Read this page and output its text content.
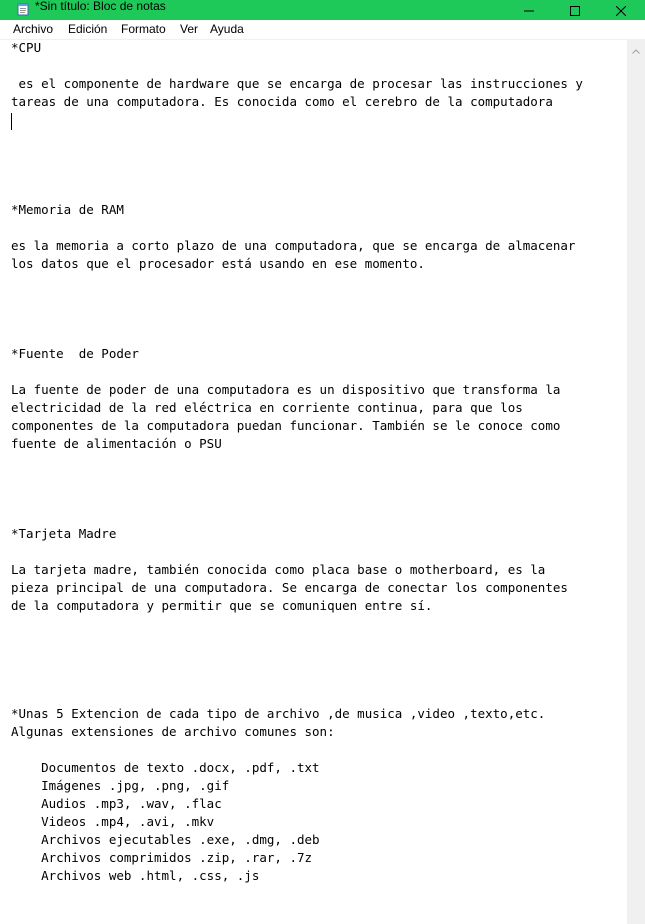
*Sin título: Bloc de notas
Archivo Edición Formato Ver Ayuda
*CPU
es el componente de hardware que se encarga de procesar las instrucciones y
tareas de una computadora. Es conocida como el cerebro de la computadora
*Memoria de RAM
es la memoria a corto plazo de una computadora, que se encarga de almacenar
los datos que el procesador está usando en ese momento.
*Fuente  de Poder
La fuente de poder de una computadora es un dispositivo que transforma la
electricidad de la red eléctrica en corriente continua, para que los
componentes de la computadora puedan funcionar. También se le conoce como
fuente de alimentación o PSU
*Tarjeta Madre
La tarjeta madre, también conocida como placa base o motherboard, es la
pieza principal de una computadora. Se encarga de conectar los componentes
de la computadora y permitir que se comuniquen entre sí.
*Unas 5 Extencion de cada tipo de archivo ,de musica ,video ,texto,etc.
Algunas extensiones de archivo comunes son:
Documentos de texto .docx, .pdf, .txt
Imágenes .jpg, .png, .gif
Audios .mp3, .wav, .flac
Videos .mp4, .avi, .mkv
Archivos ejecutables .exe, .dmg, .deb
Archivos comprimidos .zip, .rar, .7z
Archivos web .html, .css, .js
